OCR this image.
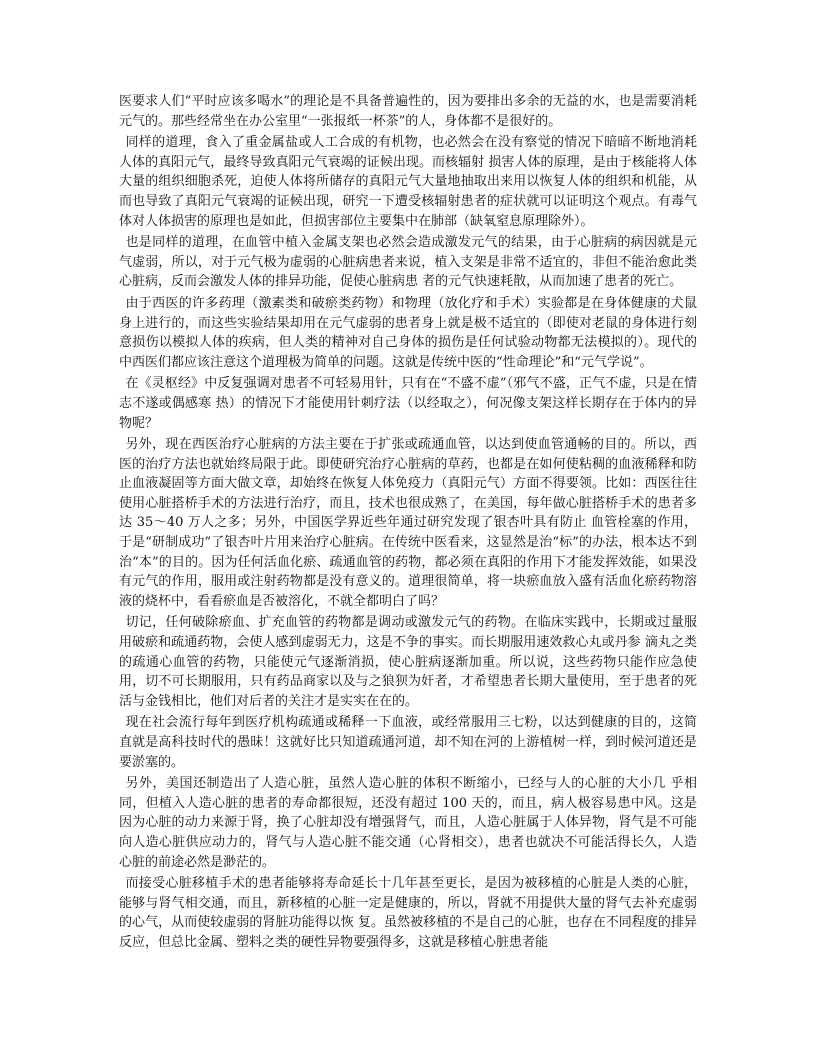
医要求人们“平时应该多喝水”的理论是不具备普遍性的，因为要排出多余的无益的水，也是需要消耗元气的。那些经常坐在办公室里“一张报纸一杯茶”的人，身体都不是很好的。

同样的道理，食入了重金属盐或人工合成的有机物，也必然会在没有察觉的情况下暗暗不断地消耗人体的真阳元气，最终导致真阳元气衰竭的证候出现。而核辐射 损害人体的原理，是由于核能将人体大量的组织细胞杀死，迫使人体将所储存的真阳元气大量地抽取出来用以恢复人体的组织和机能，从而也导致了真阳元气衰竭的证候出现，研究一下遭受核辐射患者的症状就可以证明这个观点。有毒气体对人体损害的原理也是如此，但损害部位主要集中在肺部（缺氧窒息原理除外）。

也是同样的道理，在血管中植入金属支架也必然会造成激发元气的结果，由于心脏病的病因就是元气虚弱，所以，对于元气极为虚弱的心脏病患者来说，植入支架是非常不适宜的，非但不能治愈此类心脏病，反而会激发人体的排异功能，促使心脏病患 者的元气快速耗散，从而加速了患者的死亡。

由于西医的许多药理（激素类和破瘀类药物）和物理（放化疗和手术）实验都是在身体健康的犬鼠身上进行的，而这些实验结果却用在元气虚弱的患者身上就是极不适宜的（即使对老鼠的身体进行刻意损伤以模拟人体的疾病，但人类的精神对自己身体的损伤是任何试验动物都无法模拟的）。现代的中西医们都应该注意这个道理极为简单的问题。这就是传统中医的“性命理论”和“元气学说”。

在《灵枢经》中反复强调对患者不可轻易用针，只有在“不盛不虚”（邪气不盛，正气不虚，只是在情志不遂或偶感寒 热）的情况下才能使用针刺疗法（以经取之），何况像支架这样长期存在于体内的异物呢？

另外，现在西医治疗心脏病的方法主要在于扩张或疏通血管，以达到使血管通畅的目的。所以，西医的治疗方法也就始终局限于此。即使研究治疗心脏病的草药，也都是在如何使粘稠的血液稀释和防止血液凝固等方面大做文章，却始终在恢复人体免疫力（真阳元气）方面不得要领。比如：西医往往使用心脏搭桥手术的方法进行治疗，而且，技术也很成熟了，在美国，每年做心脏搭桥手术的患者多达 35～40 万人之多；另外，中国医学界近些年通过研究发现了银杏叶具有防止 血管栓塞的作用，于是“研制成功”了银杏叶片用来治疗心脏病。在传统中医看来，这显然是治“标”的办法，根本达不到治“本”的目的。因为任何活血化瘀、疏通血管的药物，都必须在真阳的作用下才能发挥效能，如果没有元气的作用，服用或注射药物都是没有意义的。道理很简单，将一块瘀血放入盛有活血化瘀药物溶液的烧杯中，看看瘀血是否被溶化，不就全都明白了吗？

切记，任何破除瘀血、扩充血管的药物都是调动或激发元气的药物。在临床实践中，长期或过量服用破瘀和疏通药物，会使人感到虚弱无力，这是不争的事实。而长期服用速效救心丸或丹参 滴丸之类的疏通心血管的药物，只能使元气逐渐消损，使心脏病逐渐加重。所以说，这些药物只能作应急使用，切不可长期服用，只有药品商家以及与之狼狈为奸者，才希望患者长期大量使用，至于患者的死活与金钱相比，他们对后者的关注才是实实在在的。

现在社会流行每年到医疗机构疏通或稀释一下血液，或经常服用三七粉，以达到健康的目的，这简直就是高科技时代的愚昧！这就好比只知道疏通河道，却不知在河的上游植树一样，到时候河道还是要淤塞的。

另外，美国还制造出了人造心脏，虽然人造心脏的体积不断缩小，已经与人的心脏的大小几 乎相同，但植入人造心脏的患者的寿命都很短，还没有超过 100 天的，而且，病人极容易患中风。这是因为心脏的动力来源于肾，换了心脏却没有增强肾气，而且，人造心脏属于人体异物，肾气是不可能向人造心脏供应动力的，肾气与人造心脏不能交通（心肾相交），患者也就决不可能活得长久，人造心脏的前途必然是渺茫的。

而接受心脏移植手术的患者能够将寿命延长十几年甚至更长，是因为被移植的心脏是人类的心脏，能够与肾气相交通，而且，新移植的心脏一定是健康的，所以，肾就不用提供大量的肾气去补充虚弱的心气，从而使较虚弱的肾脏功能得以恢 复。虽然被移植的不是自己的心脏，也存在不同程度的排异反应，但总比金属、塑料之类的硬性异物要强得多，这就是移植心脏患者能
